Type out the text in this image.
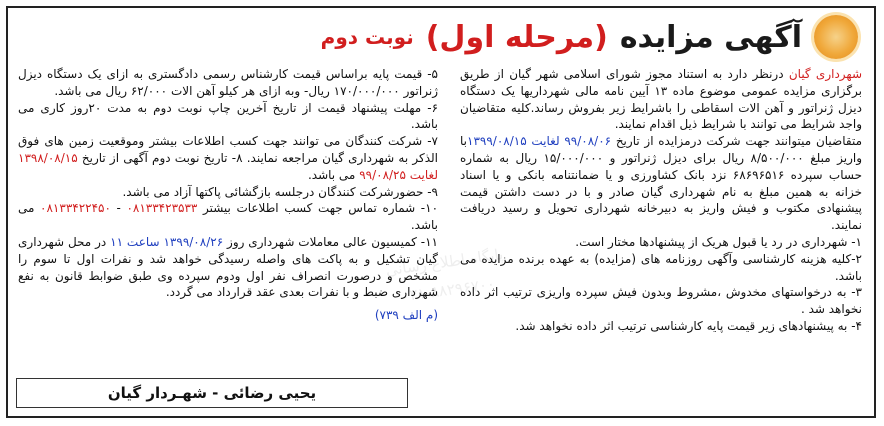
پایگاه اطلاع رسانی
۰۲۱-۸۸۲۹۶۷۰۰
آگهی مزایده
(مرحله اول)
نوبت دوم

شهرداری گیان درنظر دارد به استناد مجوز شورای اسلامی شهر گیان از طریق برگزاری مزایده عمومی موضوع ماده ۱۳ آیین نامه مالی شهرداریها یک دستگاه دیزل ژنراتور و آهن الات اسقاطی را باشرایط زیر بفروش رساند.کلیه متقاضیان واجد شرایط می توانند با شرایط ذیل اقدام نمایند.

متقاضیان میتوانند جهت شرکت درمزایده از تاریخ ۹۹/۰۸/۰۶ لغایت ۱۳۹۹/۰۸/۱۵با واریز مبلغ ۸/۵۰۰/۰۰۰ ریال برای دیزل ژنراتور و ۱۵/۰۰۰/۰۰۰ ریال به شماره حساب سپرده ۶۸۶۹۶۵۱۶ نزد بانک کشاورزی و یا ضمانتنامه بانکی و یا اسناد خزانه به همین مبلغ به نام شهرداری گیان صادر و با در دست داشتن قیمت پیشنهادی مکتوب و فیش واریز به دبیرخانه شهرداری تحویل و رسید دریافت نمایند.

۱- شهرداری در رد یا قبول هریک از پیشنهادها مختار است.

۲-کلیه هزینه کارشناسی وآگهی روزنامه های (مزایده) به عهده برنده مزایده می باشد.

۳- به درخواستهای مخدوش ،مشروط وبدون فیش سپرده واریزی ترتیب اثر داده نخواهد شد .

۴- به پیشنهادهای زیر قیمت پایه کارشناسی ترتیب اثر داده نخواهد شد.

۵- قیمت پایه براساس قیمت کارشناس رسمی دادگستری به ازای یک دستگاه دیزل ژنراتور ۱۷۰/۰۰۰/۰۰۰ ریال- وبه ازای هر کیلو آهن الات ۶۲/۰۰۰ ریال می باشد.

۶- مهلت پیشنهاد قیمت از تاریخ آخرین چاپ نوبت دوم به مدت ۲۰روز کاری می باشد.

۷- شرکت کنندگان می توانند جهت کسب اطلاعات بیشتر وموقعیت زمین های فوق الذکر به شهرداری گیان مراجعه نمایند. ۸- تاریخ نوبت دوم آگهی از تاریخ ۱۳۹۸/۰۸/۱۵ لغایت ۹۹/۰۸/۲۵ می باشد.

۹- حضورشرکت کنندگان درجلسه بازگشائی پاکتها آزاد می باشد.

۱۰- شماره تماس جهت کسب اطلاعات بیشتر ۰۸۱۳۳۴۲۳۵۳۳ - ۰۸۱۳۳۴۲۲۴۵۰ می باشد.

۱۱- کمیسیون عالی معاملات شهرداری روز ۱۳۹۹/۰۸/۲۶ ساعت ۱۱ در محل شهرداری گیان تشکیل و به پاکت های واصله رسیدگی خواهد شد و نفرات اول تا سوم را مشخص و درصورت انصراف نفر اول ودوم سپرده وی طبق ضوابط قانون به نفع شهرداری ضبط و با نفرات بعدی عقد قرارداد می گردد.

(م الف ۷۳۹)
یحیی رضائی - شهـردار گیان
